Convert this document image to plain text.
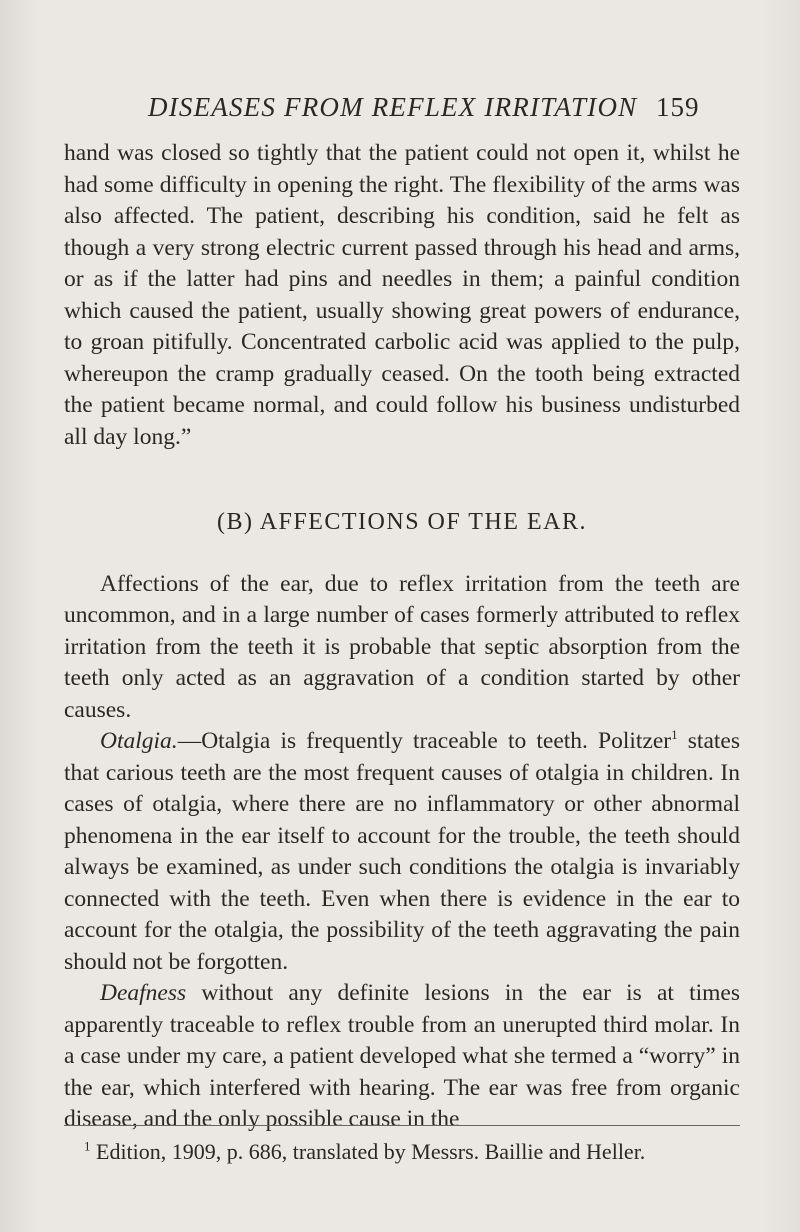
DISEASES FROM REFLEX IRRITATION 159

hand was closed so tightly that the patient could not open it, whilst he had some difficulty in opening the right. The flexibility of the arms was also affected. The patient, describing his condition, said he felt as though a very strong electric current passed through his head and arms, or as if the latter had pins and needles in them; a painful condition which caused the patient, usually showing great powers of endurance, to groan pitifully. Concentrated carbolic acid was applied to the pulp, whereupon the cramp gradually ceased. On the tooth being extracted the patient became normal, and could follow his business undisturbed all day long.”

(B) AFFECTIONS OF THE EAR.

Affections of the ear, due to reflex irritation from the teeth are uncommon, and in a large number of cases formerly attributed to reflex irritation from the teeth it is probable that septic absorption from the teeth only acted as an aggravation of a condition started by other causes.

Otalgia.—Otalgia is frequently traceable to teeth. Politzer$^1$ states that carious teeth are the most frequent causes of otalgia in children. In cases of otalgia, where there are no inflammatory or other abnormal phenomena in the ear itself to account for the trouble, the teeth should always be examined, as under such conditions the otalgia is invariably connected with the teeth. Even when there is evidence in the ear to account for the otalgia, the possibility of the teeth aggravating the pain should not be forgotten.

Deafness without any definite lesions in the ear is at times apparently traceable to reflex trouble from an unerupted third molar. In a case under my care, a patient developed what she termed a “worry” in the ear, which interfered with hearing. The ear was free from organic disease, and the only possible cause in the

$^1$ Edition, 1909, p. 686, translated by Messrs. Baillie and Heller.
